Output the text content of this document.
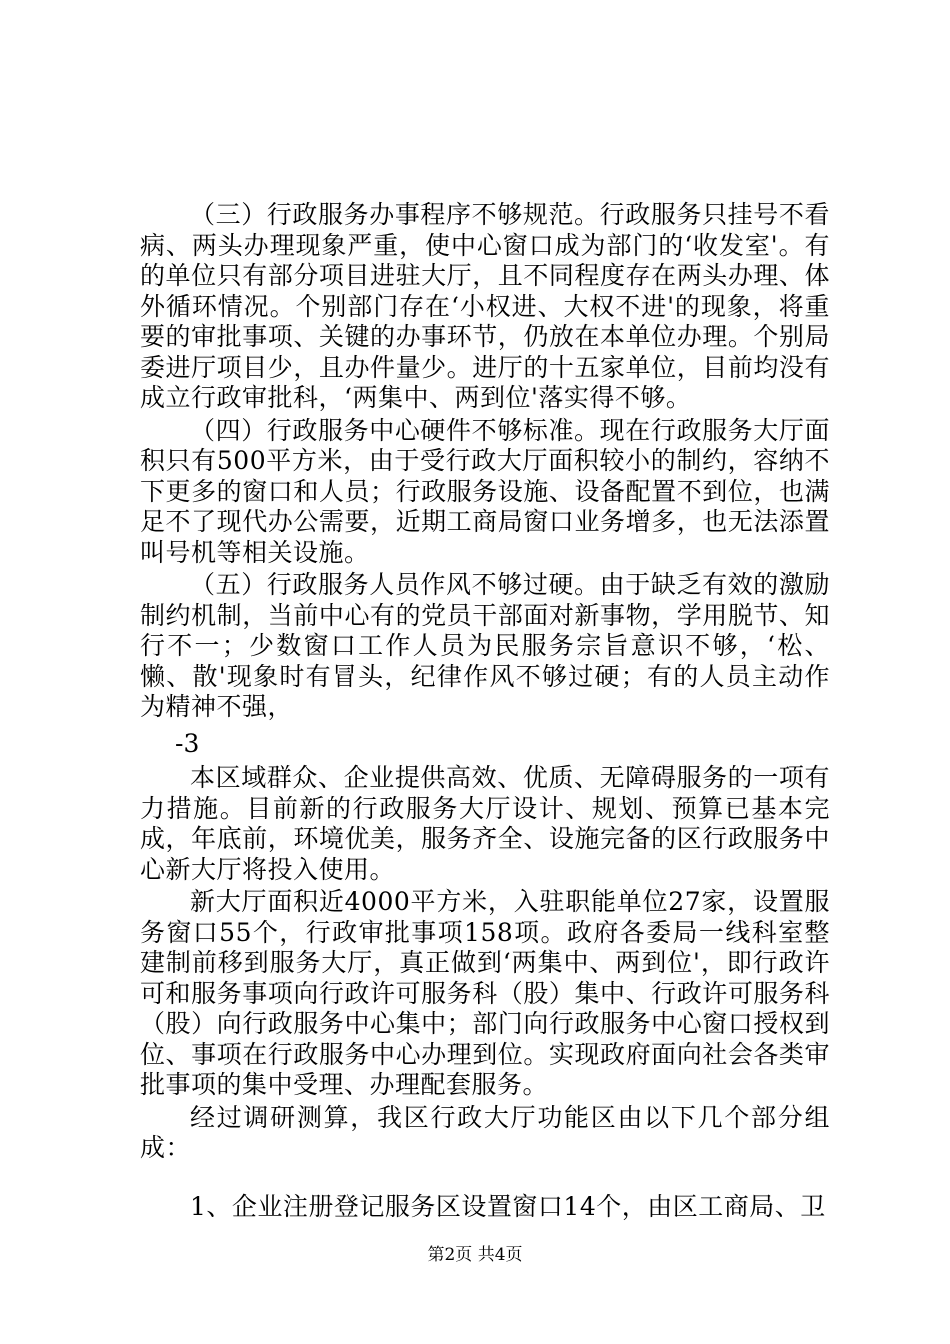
（三）行政服务办事程序不够规范。行政服务只挂号不看病、两头办理现象严重，使中心窗口成为部门的‘收发室'。有的单位只有部分项目进驻大厅，且不同程度存在两头办理、体外循环情况。个别部门存在‘小权进、大权不进'的现象，将重要的审批事项、关键的办事环节，仍放在本单位办理。个别局委进厅项目少，且办件量少。进厅的十五家单位，目前均没有成立行政审批科，‘两集中、两到位'落实得不够。

（四）行政服务中心硬件不够标准。现在行政服务大厅面积只有500平方米，由于受行政大厅面积较小的制约，容纳不下更多的窗口和人员；行政服务设施、设备配置不到位，也满足不了现代办公需要，近期工商局窗口业务增多，也无法添置叫号机等相关设施。

（五）行政服务人员作风不够过硬。由于缺乏有效的激励制约机制，当前中心有的党员干部面对新事物，学用脱节、知行不一；少数窗口工作人员为民服务宗旨意识不够，‘松、懒、散'现象时有冒头，纪律作风不够过硬；有的人员主动作为精神不强，

-3

本区域群众、企业提供高效、优质、无障碍服务的一项有力措施。目前新的行政服务大厅设计、规划、预算已基本完成，年底前，环境优美，服务齐全、设施完备的区行政服务中心新大厅将投入使用。

新大厅面积近4000平方米，入驻职能单位27家，设置服务窗口55个，行政审批事项158项。政府各委局一线科室整建制前移到服务大厅，真正做到‘两集中、两到位'，即行政许可和服务事项向行政许可服务科（股）集中、行政许可服务科（股）向行政服务中心集中；部门向行政服务中心窗口授权到位、事项在行政服务中心办理到位。实现政府面向社会各类审批事项的集中受理、办理配套服务。

经过调研测算，我区行政大厅功能区由以下几个部分组成：

1、企业注册登记服务区设置窗口14个，由区工商局、卫

第2页 共4页
